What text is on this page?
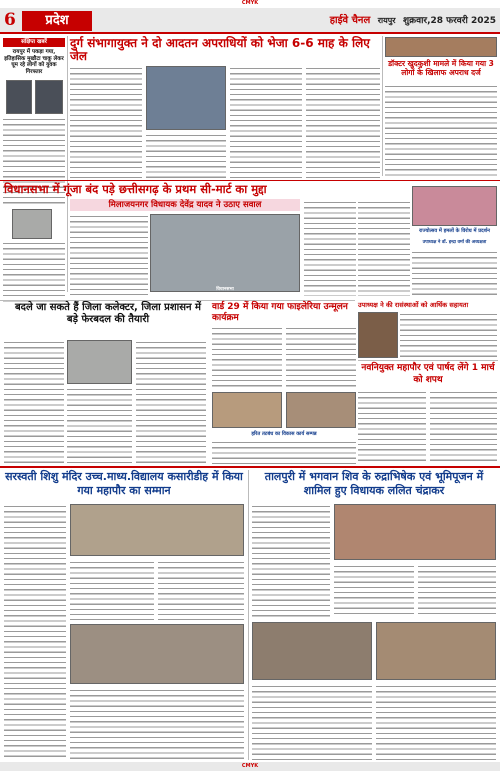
CMYK
6	प्रदेश	हाईवे चैनल रायपुर शुक्रवार,28 फरवरी 2025
संक्षिप्त खबरें
रायपुर में पकड़ा गया, इतिहासिक मुखौटा चाकू लेकर घूम रहे लोगों को युवक गिरफ्तार
दुर्ग संभागायुक्त ने दो आदतन अपराधियों को भेजा 6-6 माह के लिए जेल
डॉक्टर खुदकुशी मामले में किया गया 3 लोगों के खिलाफ अपराध दर्ज
विधानसभा में गूंजा बंद पड़े छत्तीसगढ़ के प्रथम सी-मार्ट का मुद्दा
मिलाजयनगर विधायक देवेंद्र यादव ने उठाए सवाल
विधानसभा
राज्योत्सव में हमलों के विरोध में प्रदर्शन
उपाध्यक्ष ने डॉ. इन्द्रा वर्मा की अध्यक्षता
उपाध्यक्ष ने की रासंस्थाओं को आर्थिक सहायता
बदले जा सकते हैं जिला कलेक्टर, जिला प्रशासन में बड़े फेरबदल की तैयारी
वार्ड 29 में किया गया फाइलेरिया उन्मूलन कार्यक्रम
हरित तटबंध का विकास कार्य सम्पन्न
नवनियुक्त महापौर एवं पार्षद लेंगे 1 मार्च को शपथ
सरस्वती शिशु मंदिर उच्च.माध्य.विद्यालय कसारीडीह में किया गया महापौर का सम्मान
तालपुरी में भगवान शिव के रुद्राभिषेक एवं भूमिपूजन में शामिल हुए विधायक ललित चंद्राकर
CMYK
